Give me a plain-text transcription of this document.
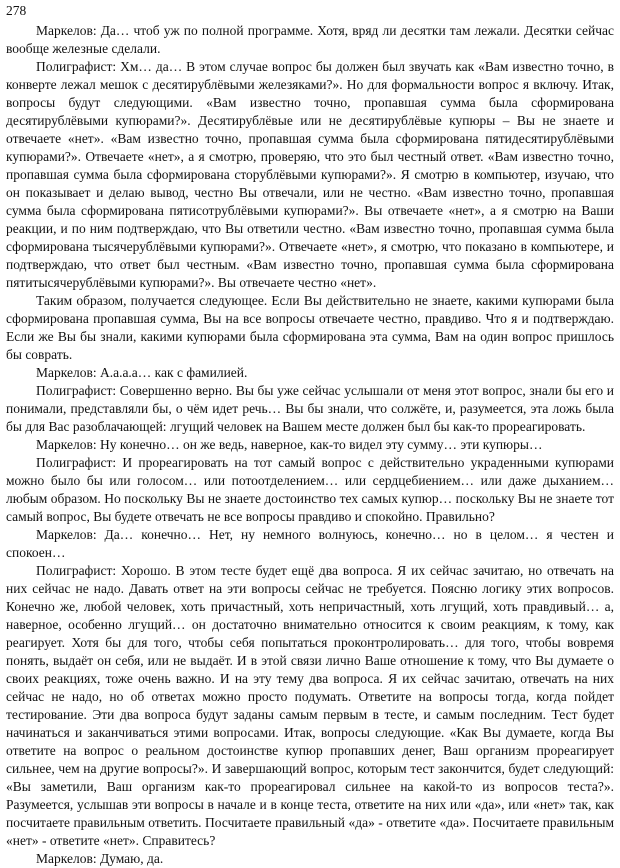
278

Маркелов: Да… чтоб уж по полной программе. Хотя, вряд ли десятки там лежали. Десятки сейчас вообще железные сделали.

Полиграфист: Хм… да… В этом случае вопрос бы должен был звучать как «Вам известно точно, в конверте лежал мешок с десятирублёвыми железяками?». Но для формальности вопрос я включу. Итак, вопросы будут следующими. «Вам известно точно, пропавшая сумма была сформирована десятирублёвыми купюрами?». Десятирублёвые или не десятирублёвые купюры – Вы не знаете и отвечаете «нет». «Вам известно точно, пропавшая сумма была сформирована пятидесятирублёвыми купюрами?». Отвечаете «нет», а я смотрю, проверяю, что это был честный ответ. «Вам известно точно, пропавшая сумма была сформирована сторублёвыми купюрами?». Я смотрю в компьютер, изучаю, что он показывает и делаю вывод, честно Вы отвечали, или не честно. «Вам известно точно, пропавшая сумма была сформирована пятисотрублёвыми купюрами?». Вы отвечаете «нет», а я смотрю на Ваши реакции, и по ним подтверждаю, что Вы ответили честно. «Вам известно точно, пропавшая сумма была сформирована тысячерублёвыми купюрами?». Отвечаете «нет», я смотрю, что показано в компьютере, и подтверждаю, что ответ был честным. «Вам известно точно, пропавшая сумма была сформирована пятитысячерублёвыми купюрами?». Вы отвечаете честно «нет».

Таким образом, получается следующее. Если Вы действительно не знаете, какими купюрами была сформирована пропавшая сумма, Вы на все вопросы отвечаете честно, правдиво. Что я и подтверждаю. Если же Вы бы знали, какими купюрами была сформирована эта сумма, Вам на один вопрос пришлось бы соврать.

Маркелов: А.а.а.а… как с фамилией.

Полиграфист: Совершенно верно. Вы бы уже сейчас услышали от меня этот вопрос, знали бы его и понимали, представляли бы, о чём идет речь… Вы бы знали, что солжёте, и, разумеется, эта ложь была бы для Вас разоблачающей: лгущий человек на Вашем месте должен был бы как-то прореагировать.

Маркелов: Ну конечно… он же ведь, наверное, как-то видел эту сумму… эти купюры…

Полиграфист: И прореагировать на тот самый вопрос с действительно украденными купюрами можно было бы или голосом… или потоотделением… или сердцебиением… или даже дыханием… любым образом. Но поскольку Вы не знаете достоинство тех самых купюр… поскольку Вы не знаете тот самый вопрос, Вы будете отвечать не все вопросы правдиво и спокойно. Правильно?

Маркелов: Да… конечно… Нет, ну немного волнуюсь, конечно… но в целом… я честен и спокоен…

Полиграфист: Хорошо. В этом тесте будет ещё два вопроса. Я их сейчас зачитаю, но отвечать на них сейчас не надо. Давать ответ на эти вопросы сейчас не требуется. Поясню логику этих вопросов. Конечно же, любой человек, хоть причастный, хоть непричастный, хоть лгущий, хоть правдивый… а, наверное, особенно лгущий… он достаточно внимательно относится к своим реакциям, к тому, как реагирует. Хотя бы для того, чтобы себя попытаться проконтролировать… для того, чтобы вовремя понять, выдаёт он себя, или не выдаёт. И в этой связи лично Ваше отношение к тому, что Вы думаете о своих реакциях, тоже очень важно. И на эту тему два вопроса. Я их сейчас зачитаю, отвечать на них сейчас не надо, но об ответах можно просто подумать. Ответите на вопросы тогда, когда пойдет тестирование. Эти два вопроса будут заданы самым первым в тесте, и самым последним. Тест будет начинаться и заканчиваться этими вопросами. Итак, вопросы следующие. «Как Вы думаете, когда Вы ответите на вопрос о реальном достоинстве купюр пропавших денег, Ваш организм прореагирует сильнее, чем на другие вопросы?». И завершающий вопрос, которым тест закончится, будет следующий: «Вы заметили, Ваш организм как-то прореагировал сильнее на какой-то из вопросов теста?». Разумеется, услышав эти вопросы в начале и в конце теста, ответите на них или «да», или «нет» так, как посчитаете правильным ответить. Посчитаете правильный «да» - ответите «да». Посчитаете правильным «нет» - ответите «нет». Справитесь?

Маркелов: Думаю, да.
